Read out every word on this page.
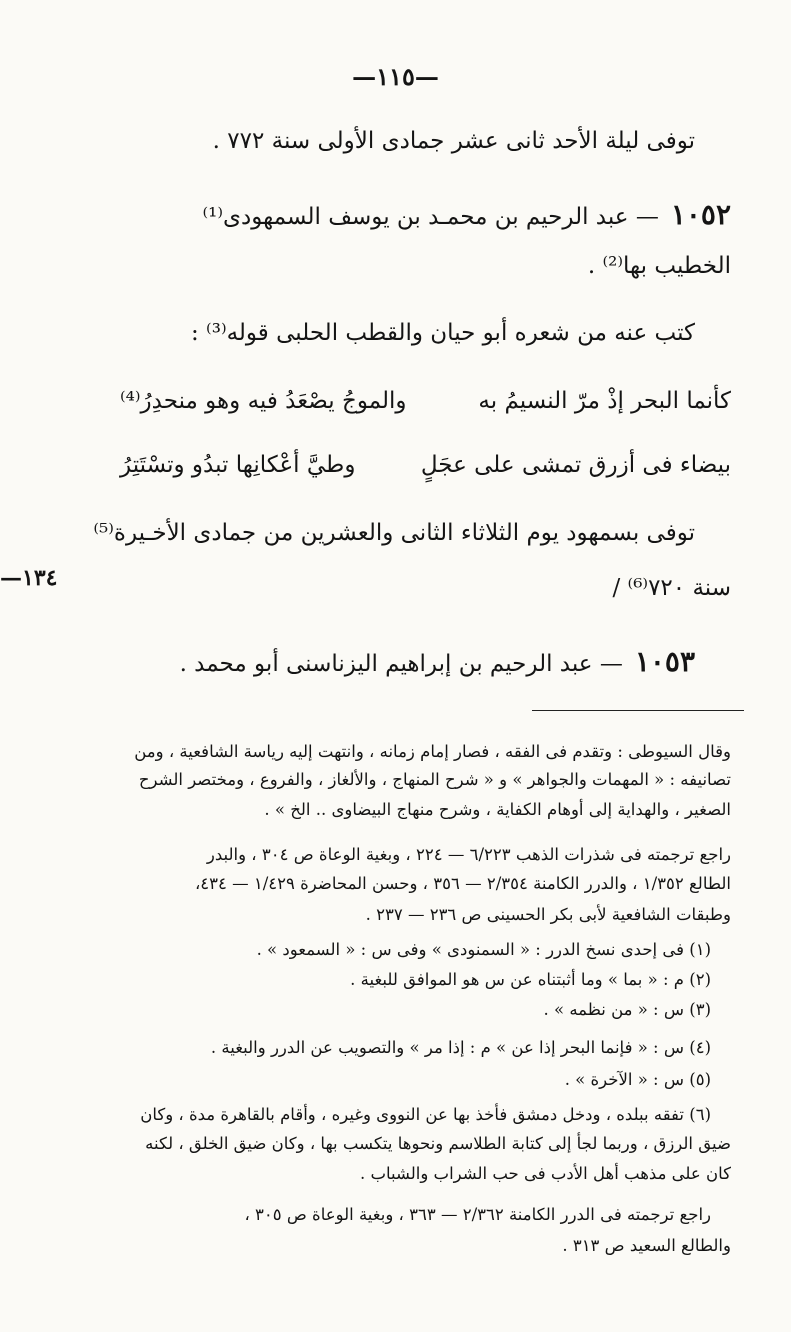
—١١٥—
توفى ليلة الأحد ثانى عشر جمادى الأولى سنة ٧٧٢ .
١٠٥٢— عبد الرحيم بن محمـد بن يوسف السمهودى⁽¹⁾
الخطيب بها⁽²⁾ .
كتب عنه من شعره أبو حيان والقطب الحلبى قوله⁽³⁾ :
كأنما البحر إذْ مرّ النسيمُ به
والموجُ يصْعَدُ فيه وهو منحدِرُ⁽⁴⁾
بيضاء فى أزرق تمشى على عجَلٍ
وطيَّ أعْكانِها تبدُو وتسْتَتِرُ
توفى بسمهود يوم الثلاثاء الثانى والعشرين من جمادى الأخـيرة⁽⁵⁾
سنة ٧٢٠⁽⁶⁾ /
١٣٤—
١٠٥٣— عبد الرحيم بن إبراهيم اليزناسنى أبو محمد .
وقال السيوطى : وتقدم فى الفقه ، فصار إمام زمانه ، وانتهت إليه رياسة الشافعية ، ومن
تصانيفه : « المهمات والجواهر » و « شرح المنهاج ، والألغاز ، والفروع ، ومختصر الشرح
الصغير ، والهداية إلى أوهام الكفاية ، وشرح منهاج البيضاوى .. الخ » .
راجع ترجمته فى شذرات الذهب ٦/٢٢٣ — ٢٢٤ ، وبغية الوعاة ص ٣٠٤ ، والبدر
الطالع ١/٣٥٢ ، والدرر الكامنة ٢/٣٥٤ — ٣٥٦ ، وحسن المحاضرة ١/٤٢٩ — ٤٣٤،
وطبقات الشافعية لأبى بكر الحسينى ص ٢٣٦ — ٢٣٧ .
(١) فى إحدى نسخ الدرر : « السمنودى » وفى س : « السمعود » .
(٢) م : « بما » وما أثبتناه عن س هو الموافق للبغية .
(٣) س : « من نظمه » .
(٤) س : « فإنما البحر إذا عن » م : إذا مر » والتصويب عن الدرر والبغية .
(٥) س : « الآخرة » .
(٦) تفقه ببلده ، ودخل دمشق فأخذ بها عن النووى وغيره ، وأقام بالقاهرة مدة ، وكان
ضيق الرزق ، وربما لجأ إلى كتابة الطلاسم ونحوها يتكسب بها ، وكان ضيق الخلق ، لكنه
كان على مذهب أهل الأدب فى حب الشراب والشباب .
راجع ترجمته فى الدرر الكامنة ٢/٣٦٢ — ٣٦٣ ، وبغية الوعاة ص ٣٠٥ ،
والطالع السعيد ص ٣١٣ .
